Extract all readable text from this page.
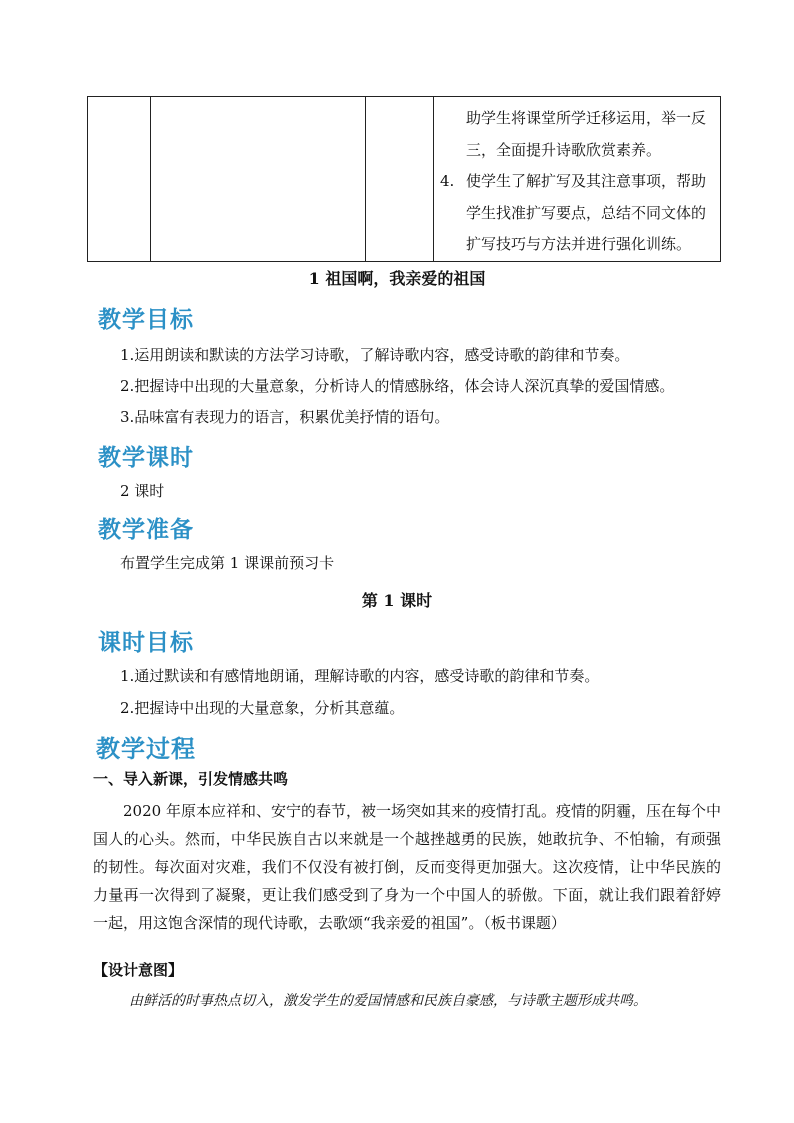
助学生将课堂所学迁移运用，举一反
三，全面提升诗歌欣赏素养。
4. 使学生了解扩写及其注意事项，帮助
学生找准扩写要点，总结不同文体的
扩写技巧与方法并进行强化训练。
1 祖国啊，我亲爱的祖国
教学目标
1.运用朗读和默读的方法学习诗歌，了解诗歌内容，感受诗歌的韵律和节奏。
2.把握诗中出现的大量意象，分析诗人的情感脉络，体会诗人深沉真挚的爱国情感。
3.品味富有表现力的语言，积累优美抒情的语句。
教学课时
2 课时
教学准备
布置学生完成第 1 课课前预习卡
第 1 课时
课时目标
1.通过默读和有感情地朗诵，理解诗歌的内容，感受诗歌的韵律和节奏。
2.把握诗中出现的大量意象，分析其意蕴。
教学过程
一、导入新课，引发情感共鸣
2020 年原本应祥和、安宁的春节，被一场突如其来的疫情打乱。疫情的阴霾，压在每个中国人的心头。然而，中华民族自古以来就是一个越挫越勇的民族，她敢抗争、不怕输，有顽强的韧性。每次面对灾难，我们不仅没有被打倒，反而变得更加强大。这次疫情，让中华民族的力量再一次得到了凝聚，更让我们感受到了身为一个中国人的骄傲。下面，就让我们跟着舒婷一起，用这饱含深情的现代诗歌，去歌颂“我亲爱的祖国”。（板书课题）
【设计意图】
由鲜活的时事热点切入，激发学生的爱国情感和民族自豪感，与诗歌主题形成共鸣。
